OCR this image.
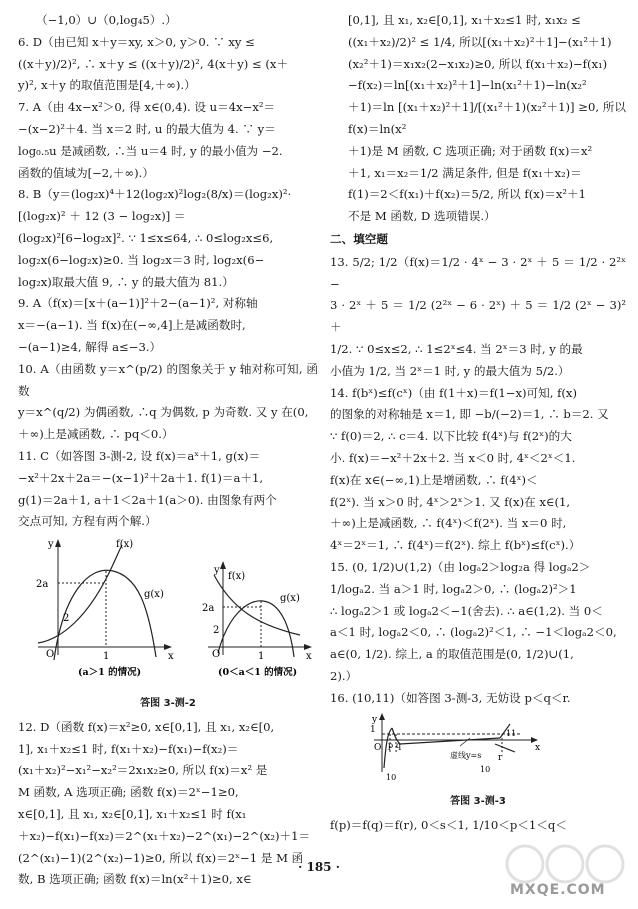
（−1,0）∪（0,log₄5）.）

6. D（由已知 x＋y＝xy, x＞0, y＞0. ∵ xy ≤

((x＋y)/2)², ∴ x＋y ≤ ((x＋y)/2)², 4(x＋y) ≤ (x＋

y)², x＋y 的取值范围是[4,＋∞).）

7. A（由 4x−x²＞0, 得 x∈(0,4). 设 u＝4x−x²＝

−(x−2)²＋4. 当 x＝2 时, u 的最大值为 4. ∵ y＝

log₀.₅u 是减函数, ∴当 u＝4 时, y 的最小值为 −2.

函数的值域为[−2,＋∞).）

8. B（y＝(log₂x)⁴＋12(log₂x)²log₂(8/x)＝(log₂x)²·

[(log₂x)² ＋ 12 (3 − log₂x)] ＝

(log₂x)²[6−log₂x]². ∵ 1≤x≤64, ∴ 0≤log₂x≤6,

log₂x(6−log₂x)≥0. 当 log₂x＝3 时, log₂x(6−

log₂x)取最大值 9, ∴ y 的最大值为 81.）

9. A（f(x)＝[x＋(a−1)]²＋2−(a−1)², 对称轴

x＝−(a−1). 当 f(x)在(−∞,4]上是减函数时,

−(a−1)≥4, 解得 a≤−3.）

10. A（由函数 y＝x^(p/2) 的图象关于 y 轴对称可知, 函数

y＝x^(q/2) 为偶函数, ∴q 为偶数, p 为奇数. 又 y 在(0,

＋∞)上是减函数, ∴ pq＜0.）

11. C（如答图 3-测-2, 设 f(x)＝aˣ＋1, g(x)＝

−x²＋2x＋2a＝−(x−1)²＋2a＋1. f(1)＝a＋1,

g(1)＝2a＋1, a＋1＜2a＋1(a＞0). 由图象有两个

交点可知, 方程有两个解.）

y
x
O	1
2a
2
f(x)
g(x)
y
x
O	1
2a
2
f(x)
g(x)
(a＞1 的情况)	(0＜a＜1 的情况)
答图 3-测-2

12. D（函数 f(x)＝x²≥0, x∈[0,1], 且 x₁, x₂∈[0,

1], x₁＋x₂≤1 时, f(x₁＋x₂)−f(x₁)−f(x₂)＝

(x₁＋x₂)²−x₁²−x₂²＝2x₁x₂≥0, 所以 f(x)＝x² 是

M 函数, A 选项正确; 函数 f(x)＝2ˣ−1≥0,

x∈[0,1], 且 x₁, x₂∈[0,1], x₁＋x₂≤1 时 f(x₁

＋x₂)−f(x₁)−f(x₂)＝2^(x₁＋x₂)−2^(x₁)−2^(x₂)＋1＝

(2^(x₁)−1)(2^(x₂)−1)≥0, 所以 f(x)＝2ˣ−1 是 M 函

数, B 选项正确; 函数 f(x)＝ln(x²＋1)≥0, x∈

[0,1], 且 x₁, x₂∈[0,1], x₁＋x₂≤1 时, x₁x₂ ≤

((x₁＋x₂)/2)² ≤ 1/4, 所以[(x₁＋x₂)²＋1]−(x₁²＋1)

(x₂²＋1)＝x₁x₂(2−x₁x₂)≥0, 所以 f(x₁＋x₂)−f(x₁)

−f(x₂)＝ln[(x₁＋x₂)²＋1]−ln(x₁²＋1)−ln(x₂²

＋1)＝ln [(x₁＋x₂)²＋1]/[(x₁²＋1)(x₂²＋1)] ≥0, 所以 f(x)＝ln(x²

＋1)是 M 函数, C 选项正确; 对于函数 f(x)＝x²

＋1, x₁＝x₂＝1/2 满足条件, 但是 f(x₁＋x₂)＝

f(1)＝2＜f(x₁)＋f(x₂)＝5/2, 所以 f(x)＝x²＋1

不是 M 函数, D 选项错误.）

二、填空题

13. 5/2; 1/2（f(x)＝1/2 · 4ˣ − 3 · 2ˣ ＋ 5 ＝ 1/2 · 2²ˣ −

3 · 2ˣ ＋ 5 ＝ 1/2 (2²ˣ − 6 · 2ˣ) ＋ 5 ＝ 1/2 (2ˣ − 3)² ＋

1/2. ∵ 0≤x≤2, ∴ 1≤2ˣ≤4. 当 2ˣ＝3 时, y 的最

小值为 1/2, 当 2ˣ＝1 时, y 的最大值为 5/2.）

14. f(bˣ)≤f(cˣ)（由 f(1＋x)＝f(1−x)可知, f(x)

的图象的对称轴是 x＝1, 即 −b/(−2)＝1, ∴ b＝2. 又

∵ f(0)＝2, ∴ c＝4. 以下比较 f(4ˣ)与 f(2ˣ)的大

小. f(x)＝−x²＋2x＋2. 当 x＜0 时, 4ˣ＜2ˣ＜1.

f(x)在 x∈(−∞,1)上是增函数, ∴ f(4ˣ)＜

f(2ˣ). 当 x＞0 时, 4ˣ＞2ˣ＞1. 又 f(x)在 x∈(1,

＋∞)上是减函数, ∴ f(4ˣ)＜f(2ˣ). 当 x＝0 时,

4ˣ＝2ˣ＝1, ∴ f(4ˣ)＝f(2ˣ). 综上 f(bˣ)≤f(cˣ).）

15. (0, 1/2)∪(1,2)（由 logₐ2＞log₂a 得 logₐ2＞

1/logₐ2. 当 a＞1 时, logₐ2＞0, ∴ (logₐ2)²＞1

∴ logₐ2＞1 或 logₐ2＜−1(舍去). ∴ a∈(1,2). 当 0＜

a＜1 时, logₐ2＜0, ∴ (logₐ2)²＜1, ∴ −1＜logₐ2＜0,

a∈(0, 1/2). 综上, a 的取值范围是(0, 1/2)∪(1,

2).）

16. (10,11)（如答图 3-测-3, 无妨设 p＜q＜r.

y
1
O p q
r
11
x
虚线y=s
10
10
答图 3-测-3

f(p)＝f(q)＝f(r), 0＜s＜1, 1/10＜p＜1＜q＜

· 185 ·
MXQE.COM
